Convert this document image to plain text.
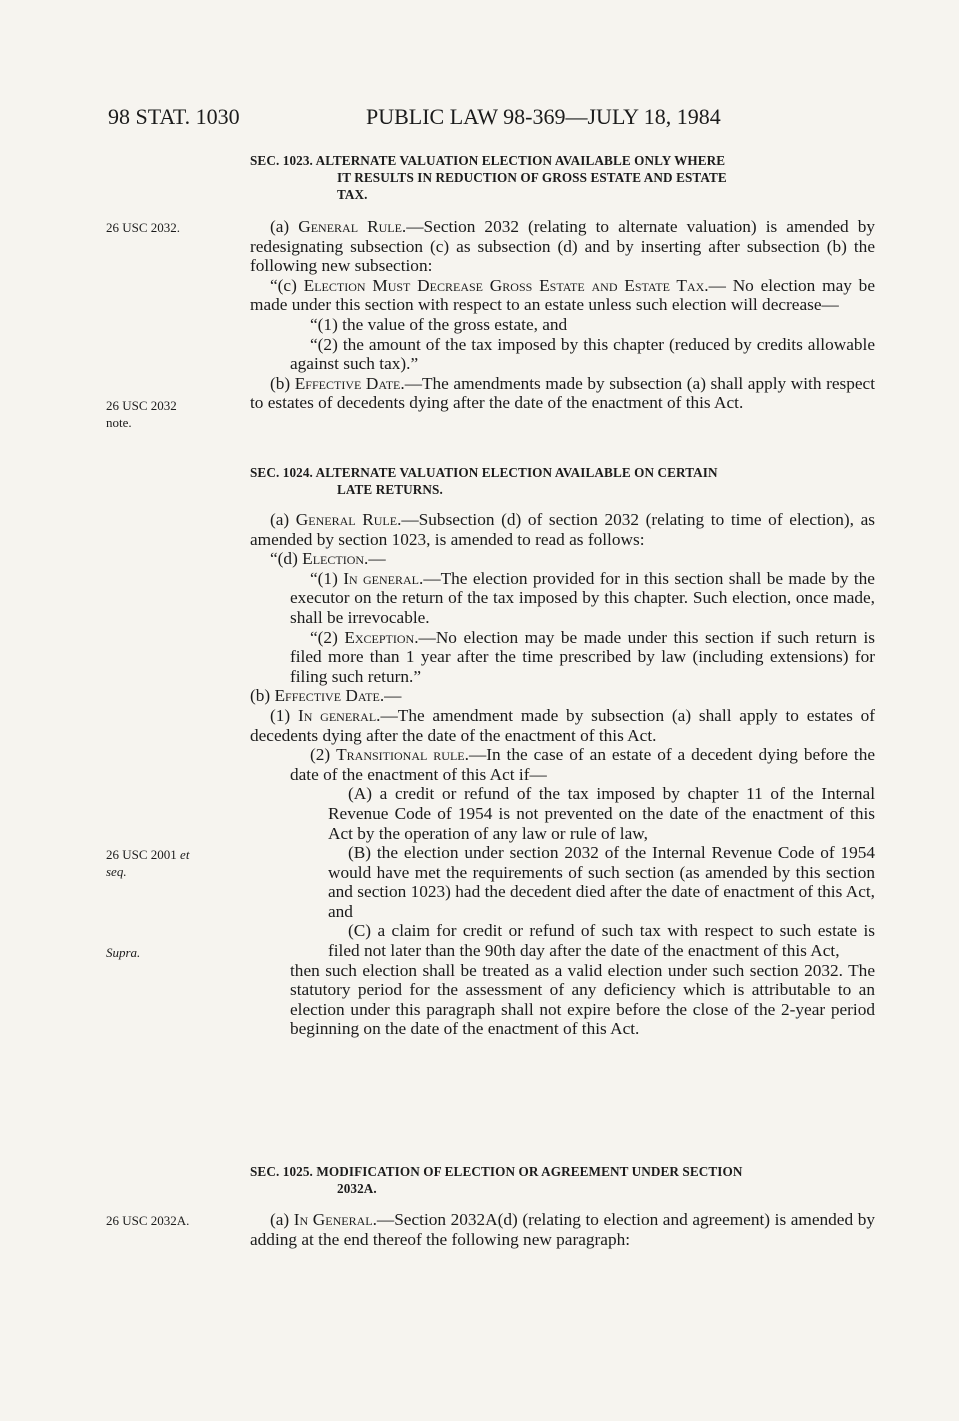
98 STAT. 1030	PUBLIC LAW 98-369—JULY 18, 1984
26 USC 2032.
26 USC 2032
note.
26 USC 2001 et
seq.
Supra.
26 USC 2032A.
SEC. 1023. ALTERNATE VALUATION ELECTION AVAILABLE ONLY WHERE
IT RESULTS IN REDUCTION OF GROSS ESTATE AND ESTATE
TAX.

(a) General Rule.—Section 2032 (relating to alternate valuation) is amended by redesignating subsection (c) as subsection (d) and by inserting after subsection (b) the following new subsection:

“(c) Election Must Decrease Gross Estate and Estate Tax.— No election may be made under this section with respect to an estate unless such election will decrease—

“(1) the value of the gross estate, and

“(2) the amount of the tax imposed by this chapter (reduced by credits allowable against such tax).”

(b) Effective Date.—The amendments made by subsection (a) shall apply with respect to estates of decedents dying after the date of the enactment of this Act.

SEC. 1024. ALTERNATE VALUATION ELECTION AVAILABLE ON CERTAIN
LATE RETURNS.

(a) General Rule.—Subsection (d) of section 2032 (relating to time of election), as amended by section 1023, is amended to read as follows:

“(d) Election.—

“(1) In general.—The election provided for in this section shall be made by the executor on the return of the tax imposed by this chapter. Such election, once made, shall be irrevocable.

“(2) Exception.—No election may be made under this section if such return is filed more than 1 year after the time prescribed by law (including extensions) for filing such return.”

(b) Effective Date.—

(1) In general.—The amendment made by subsection (a) shall apply to estates of decedents dying after the date of the enactment of this Act.

(2) Transitional rule.—In the case of an estate of a decedent dying before the date of the enactment of this Act if—

(A) a credit or refund of the tax imposed by chapter 11 of the Internal Revenue Code of 1954 is not prevented on the date of the enactment of this Act by the operation of any law or rule of law,

(B) the election under section 2032 of the Internal Revenue Code of 1954 would have met the requirements of such section (as amended by this section and section 1023) had the decedent died after the date of enactment of this Act, and

(C) a claim for credit or refund of such tax with respect to such estate is filed not later than the 90th day after the date of the enactment of this Act,

then such election shall be treated as a valid election under such section 2032. The statutory period for the assessment of any deficiency which is attributable to an election under this paragraph shall not expire before the close of the 2-year period beginning on the date of the enactment of this Act.

SEC. 1025. MODIFICATION OF ELECTION OR AGREEMENT UNDER SECTION
2032A.

(a) In General.—Section 2032A(d) (relating to election and agreement) is amended by adding at the end thereof the following new paragraph:
